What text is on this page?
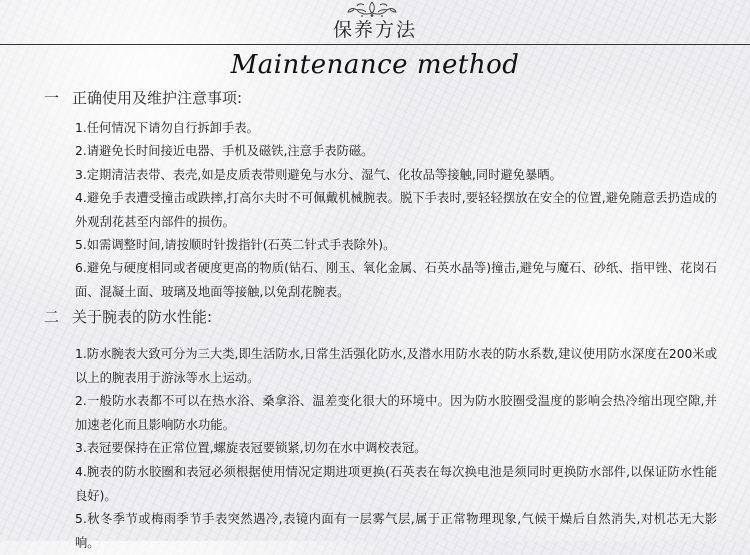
保养方法
Maintenance method
一 正确使用及维护注意事项:

1.任何情况下请勿自行拆卸手表。

2.请避免长时间接近电器、手机及磁铁,注意手表防磁。

3.定期清洁表带、表壳,如是皮质表带则避免与水分、湿气、化妆品等接触,同时避免暴晒。

4.避免手表遭受撞击或跌摔,打高尔夫时不可佩戴机械腕表。脱下手表时,要轻轻摆放在安全的位置,避免随意丢扔造成的外观刮花甚至内部件的损伤。

5.如需调整时间,请按顺时针拨指针(石英二针式手表除外)。

6.避免与硬度相同或者硬度更高的物质(钻石、刚玉、氧化金属、石英水晶等)撞击,避免与魔石、砂纸、指甲锉、花岗石面、混凝土面、玻璃及地面等接触,以免刮花腕表。

二 关于腕表的防水性能:

1.防水腕表大致可分为三大类,即生活防水,日常生活强化防水,及潜水用防水表的防水系数,建议使用防水深度在200米或以上的腕表用于游泳等水上运动。

2.一般防水表都不可以在热水浴、桑拿浴、温差变化很大的环境中。因为防水胶圈受温度的影响会热冷缩出现空隙,并加速老化而且影响防水功能。

3.表冠要保持在正常位置,螺旋表冠要锁紧,切勿在水中调校表冠。

4.腕表的防水胶圈和表冠必须根据使用情况定期进项更换(石英表在每次换电池是须同时更换防水部件,以保证防水性能良好)。

5.秋冬季节或梅雨季节手表突然遇冷,表镜内面有一层雾气层,属于正常物理现象,气候干燥后自然消失,对机芯无大影响。
